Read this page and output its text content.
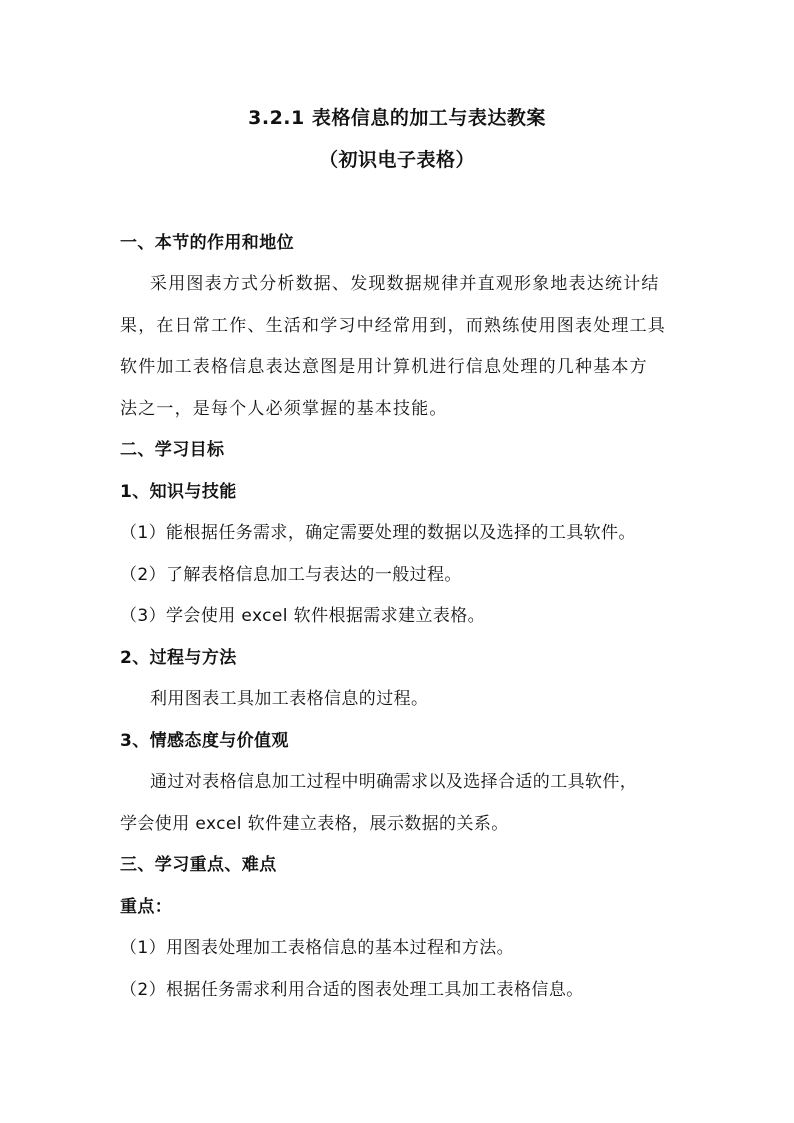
3.2.1 表格信息的加工与表达教案
（初识电子表格）
一、本节的作用和地位
采用图表方式分析数据、发现数据规律并直观形象地表达统计结
果，在日常工作、生活和学习中经常用到，而熟练使用图表处理工具
软件加工表格信息表达意图是用计算机进行信息处理的几种基本方
法之一，是每个人必须掌握的基本技能。
二、学习目标
1、知识与技能
（1）能根据任务需求，确定需要处理的数据以及选择的工具软件。
（2）了解表格信息加工与表达的一般过程。
（3）学会使用 excel 软件根据需求建立表格。
2、过程与方法
利用图表工具加工表格信息的过程。
3、情感态度与价值观
通过对表格信息加工过程中明确需求以及选择合适的工具软件，
学会使用 excel 软件建立表格，展示数据的关系。
三、学习重点、难点
重点：
（1）用图表处理加工表格信息的基本过程和方法。
（2）根据任务需求利用合适的图表处理工具加工表格信息。
